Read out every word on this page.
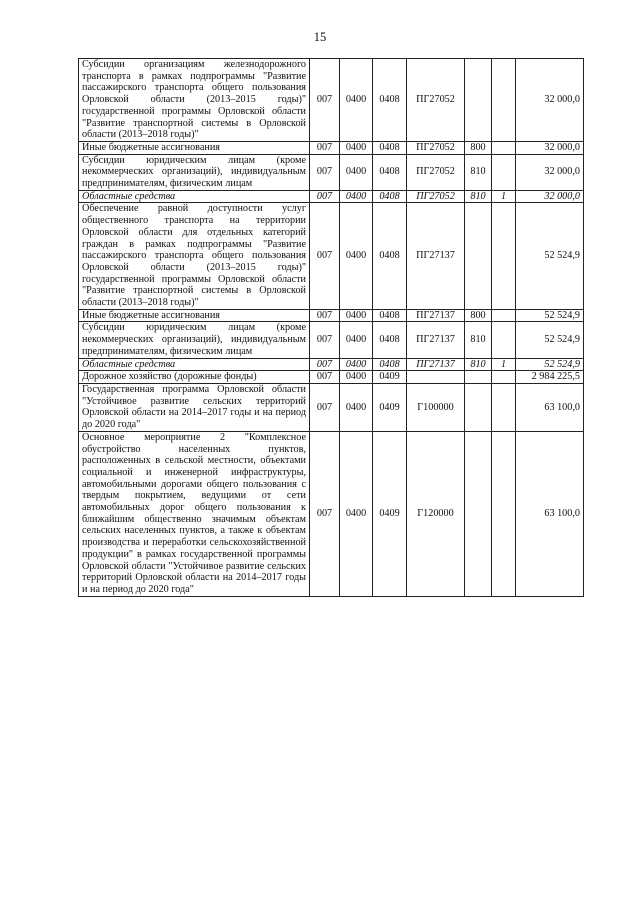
15
Субсидии организациям железнодорожного транспорта в рамках подпрограммы "Развитие пассажирского транспорта общего пользования Орловской области (2013–2015 годы)" государственной программы Орловской области "Развитие транспортной системы в Орловской области (2013–2018 годы)"	007	0400	0408	ПГ27052			32 000,0
Иные бюджетные ассигнования	007	0400	0408	ПГ27052	800		32 000,0
Субсидии юридическим лицам (кроме некоммерческих организаций), индивидуальным предпринимателям, физическим лицам	007	0400	0408	ПГ27052	810		32 000,0
Областные средства	007	0400	0408	ПГ27052	810	1	32 000,0
Обеспечение равной доступности услуг общественного транспорта на территории Орловской области для отдельных категорий граждан в рамках подпрограммы "Развитие пассажирского транспорта общего пользования Орловской области (2013–2015 годы)" государственной программы Орловской области "Развитие транспортной системы в Орловской области (2013–2018 годы)"	007	0400	0408	ПГ27137			52 524,9
Иные бюджетные ассигнования	007	0400	0408	ПГ27137	800		52 524,9
Субсидии юридическим лицам (кроме некоммерческих организаций), индивидуальным предпринимателям, физическим лицам	007	0400	0408	ПГ27137	810		52 524,9
Областные средства	007	0400	0408	ПГ27137	810	1	52 524,9
Дорожное хозяйство (дорожные фонды)	007	0400	0409				2 984 225,5
Государственная программа Орловской области "Устойчивое развитие сельских территорий Орловской области на 2014–2017 годы и на период до 2020 года"	007	0400	0409	Г100000			63 100,0
Основное мероприятие 2 "Комплексное обустройство населенных пунктов, расположенных в сельской местности, объектами социальной и инженерной инфраструктуры, автомобильными дорогами общего пользования с твердым покрытием, ведущими от сети автомобильных дорог общего пользования к ближайшим общественно значимым объектам сельских населенных пунктов, а также к объектам производства и переработки сельскохозяйственной продукции" в рамках государственной программы Орловской области "Устойчивое развитие сельских территорий Орловской области на 2014–2017 годы и на период до 2020 года"	007	0400	0409	Г120000			63 100,0
